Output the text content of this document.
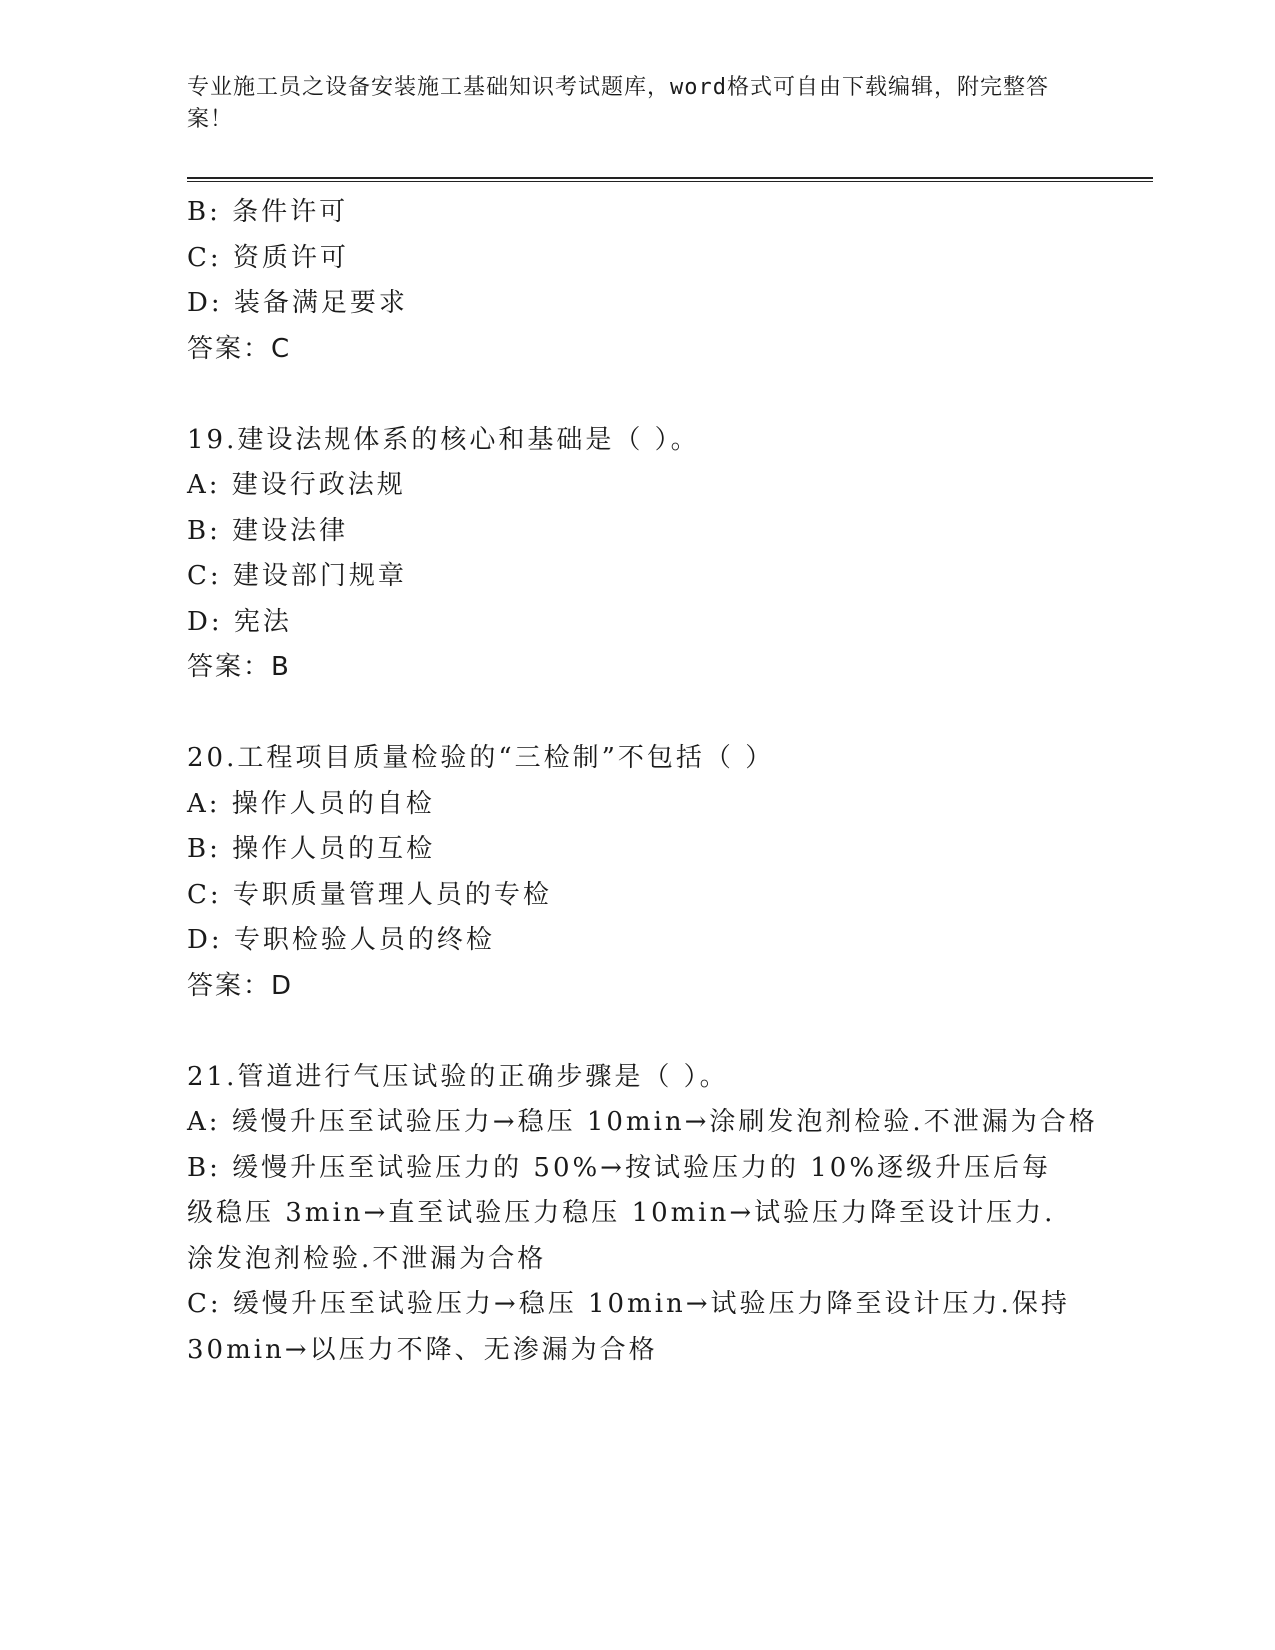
专业施工员之设备安装施工基础知识考试题库，word格式可自由下载编辑，附完整答案！
B: 条件许可
C: 资质许可
D: 装备满足要求
答案：C
19.建设法规体系的核心和基础是（ ）。
A: 建设行政法规
B: 建设法律
C: 建设部门规章
D: 宪法
答案：B
20.工程项目质量检验的“三检制”不包括（ ）
A: 操作人员的自检
B: 操作人员的互检
C: 专职质量管理人员的专检
D: 专职检验人员的终检
答案：D
21.管道进行气压试验的正确步骤是（ ）。
A: 缓慢升压至试验压力→稳压 10min→涂刷发泡剂检验.不泄漏为合格
B: 缓慢升压至试验压力的 50%→按试验压力的 10%逐级升压后每级稳压 3min→直至试验压力稳压 10min→试验压力降至设计压力.涂发泡剂检验.不泄漏为合格
C: 缓慢升压至试验压力→稳压 10min→试验压力降至设计压力.保持 30min→以压力不降、无渗漏为合格
